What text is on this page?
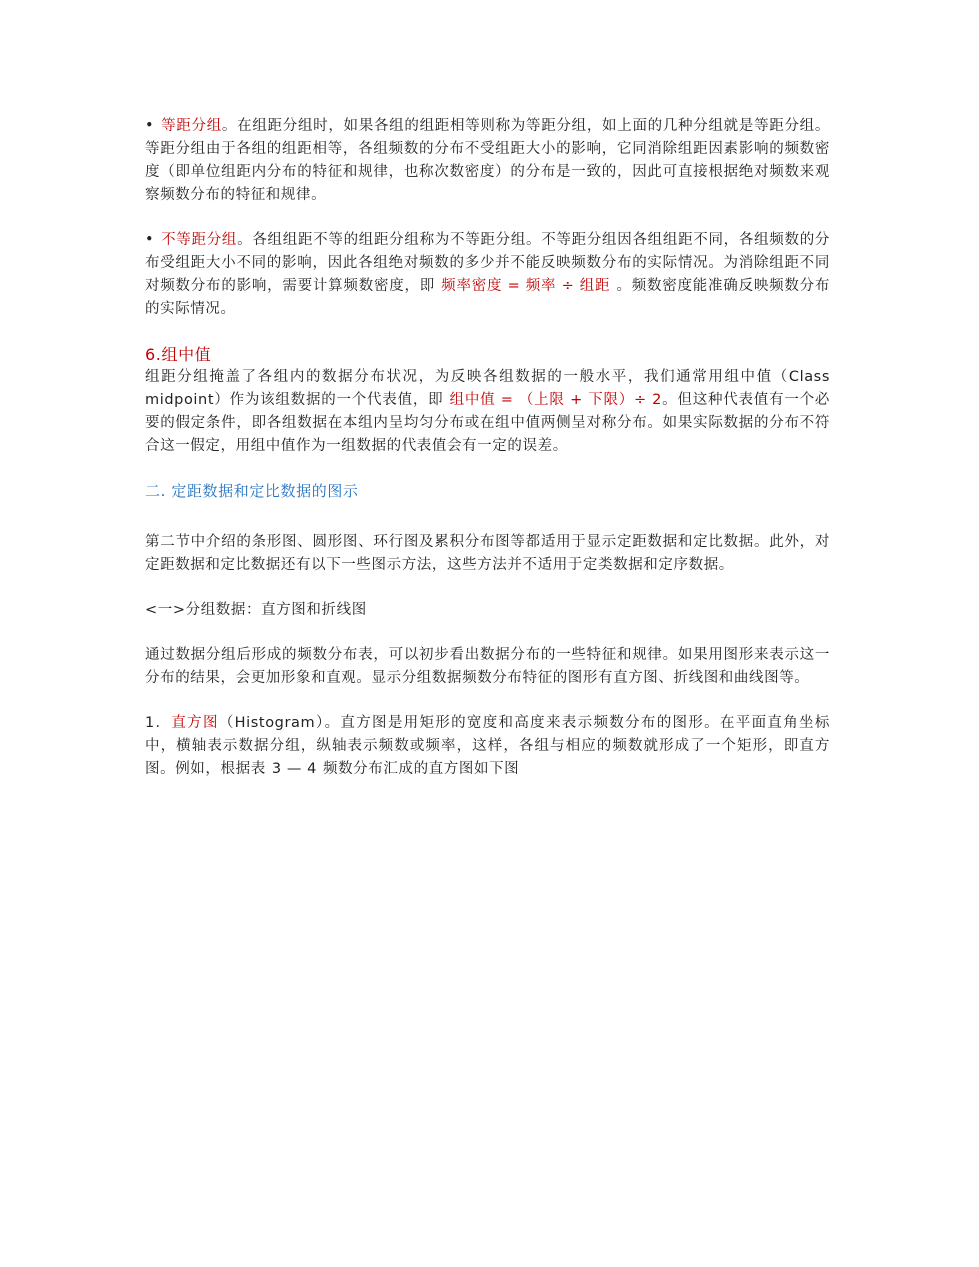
• 等距分组。在组距分组时，如果各组的组距相等则称为等距分组，如上面的几种分组就是等距分组。等距分组由于各组的组距相等，各组频数的分布不受组距大小的影响，它同消除组距因素影响的频数密度（即单位组距内分布的特征和规律，也称次数密度）的分布是一致的，因此可直接根据绝对频数来观察频数分布的特征和规律。

• 不等距分组。各组组距不等的组距分组称为不等距分组。不等距分组因各组组距不同，各组频数的分布受组距大小不同的影响，因此各组绝对频数的多少并不能反映频数分布的实际情况。为消除组距不同对频数分布的影响，需要计算频数密度，即 频率密度 = 频率 ÷ 组距 。频数密度能准确反映频数分布的实际情况。

6.组中值

组距分组掩盖了各组内的数据分布状况，为反映各组数据的一般水平，我们通常用组中值（Class midpoint）作为该组数据的一个代表值，即 组中值 = （上限 + 下限）÷ 2。但这种代表值有一个必要的假定条件，即各组数据在本组内呈均匀分布或在组中值两侧呈对称分布。如果实际数据的分布不符合这一假定，用组中值作为一组数据的代表值会有一定的误差。

二. 定距数据和定比数据的图示

第二节中介绍的条形图、圆形图、环行图及累积分布图等都适用于显示定距数据和定比数据。此外，对定距数据和定比数据还有以下一些图示方法，这些方法并不适用于定类数据和定序数据。

<一>分组数据：直方图和折线图

通过数据分组后形成的频数分布表，可以初步看出数据分布的一些特征和规律。如果用图形来表示这一分布的结果，会更加形象和直观。显示分组数据频数分布特征的图形有直方图、折线图和曲线图等。

1．直方图（Histogram）。直方图是用矩形的宽度和高度来表示频数分布的图形。在平面直角坐标中，横轴表示数据分组，纵轴表示频数或频率，这样，各组与相应的频数就形成了一个矩形，即直方图。例如，根据表 3 — 4 频数分布汇成的直方图如下图
